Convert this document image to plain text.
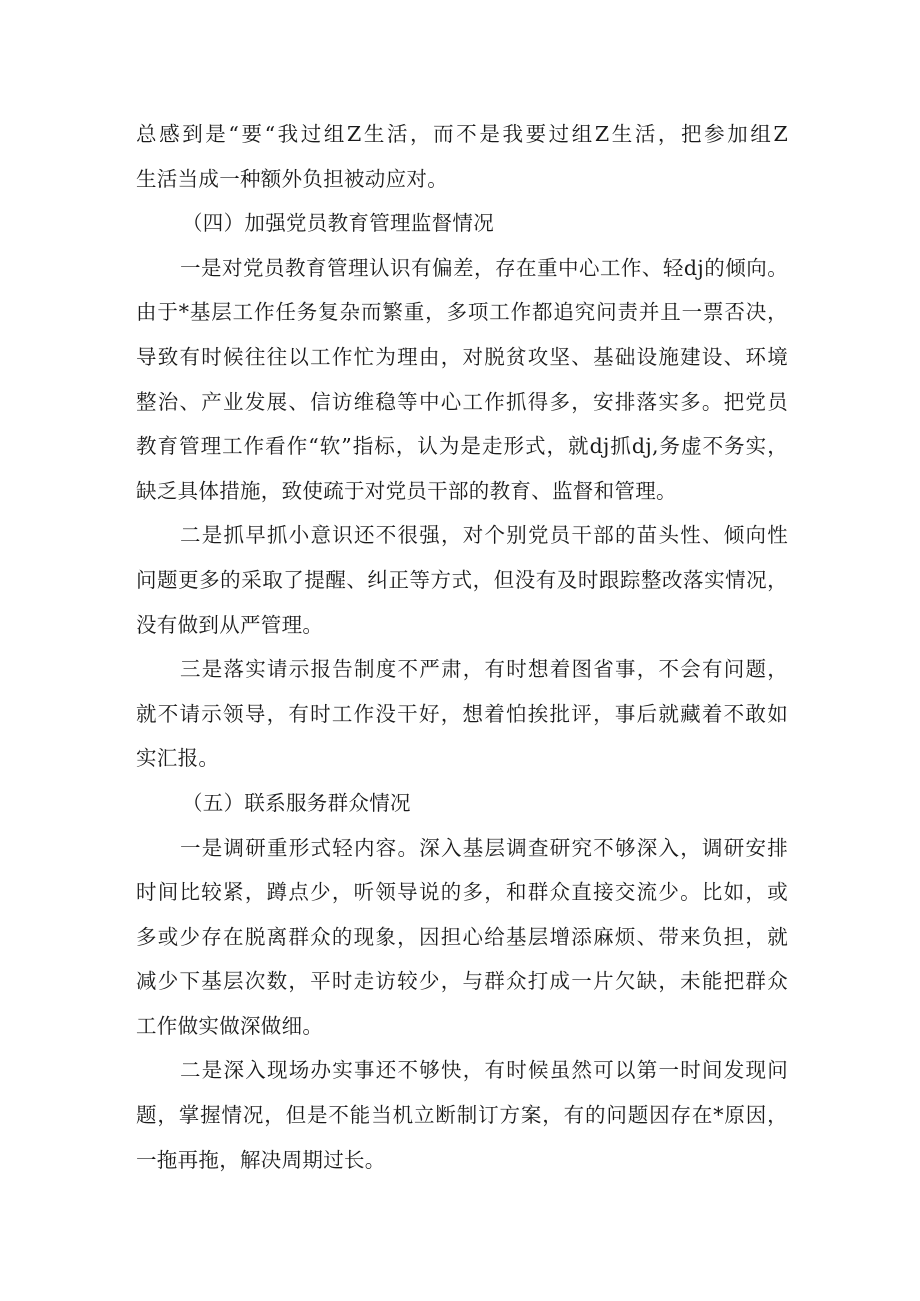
总感到是“要“我过组Z生活，而不是我要过组Z生活，把参加组Z
生活当成一种额外负担被动应对。
（四）加强党员教育管理监督情况
一是对党员教育管理认识有偏差，存在重中心工作、轻dj的倾向。
由于*基层工作任务复杂而繁重，多项工作都追究问责并且一票否决，
导致有时候往往以工作忙为理由，对脱贫攻坚、基础设施建设、环境
整治、产业发展、信访维稳等中心工作抓得多，安排落实多。把党员
教育管理工作看作“软”指标，认为是走形式，就dj抓dj,务虚不务实，
缺乏具体措施，致使疏于对党员干部的教育、监督和管理。
二是抓早抓小意识还不很强，对个别党员干部的苗头性、倾向性
问题更多的采取了提醒、纠正等方式，但没有及时跟踪整改落实情况，
没有做到从严管理。
三是落实请示报告制度不严肃，有时想着图省事，不会有问题，
就不请示领导，有时工作没干好，想着怕挨批评，事后就藏着不敢如
实汇报。
（五）联系服务群众情况
一是调研重形式轻内容。深入基层调查研究不够深入，调研安排
时间比较紧，蹲点少，听领导说的多，和群众直接交流少。比如，或
多或少存在脱离群众的现象，因担心给基层增添麻烦、带来负担，就
减少下基层次数，平时走访较少，与群众打成一片欠缺，未能把群众
工作做实做深做细。
二是深入现场办实事还不够快，有时候虽然可以第一时间发现问
题，掌握情况，但是不能当机立断制订方案，有的问题因存在*原因，
一拖再拖，解决周期过长。
